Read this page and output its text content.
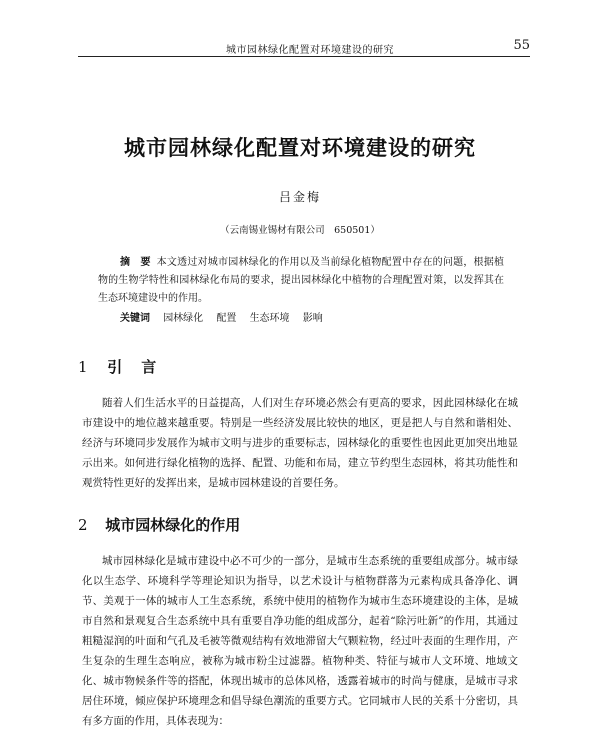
城市园林绿化配置对环境建设的研究	55
城市园林绿化配置对环境建设的研究
吕金梅
（云南锡业锡材有限公司　650501）
摘　要 本文透过对城市园林绿化的作用以及当前绿化植物配置中存在的问题，根据植物的生物学特性和园林绿化布局的要求，提出园林绿化中植物的合理配置对策，以发挥其在生态环境建设中的作用。
关键词 园林绿化 配置 生态环境 影响
1 引　言

随着人们生活水平的日益提高，人们对生存环境必然会有更高的要求，因此园林绿化在城市建设中的地位越来越重要。特别是一些经济发展比较快的地区，更是把人与自然和谐相处、经济与环境同步发展作为城市文明与进步的重要标志，园林绿化的重要性也因此更加突出地显示出来。如何进行绿化植物的选择、配置、功能和布局，建立节约型生态园林，将其功能性和观赏特性更好的发挥出来，是城市园林建设的首要任务。

2 城市园林绿化的作用

城市园林绿化是城市建设中必不可少的一部分，是城市生态系统的重要组成部分。城市绿化以生态学、环境科学等理论知识为指导，以艺术设计与植物群落为元素构成具备净化、调节、美观于一体的城市人工生态系统，系统中使用的植物作为城市生态环境建设的主体，是城市自然和景观复合生态系统中具有重要自净功能的组成部分，起着“除污吐新”的作用，其通过粗糙湿润的叶面和气孔及毛被等微观结构有效地滞留大气颗粒物，经过叶表面的生理作用，产生复杂的生理生态响应，被称为城市粉尘过滤器。植物种类、特征与城市人文环境、地域文化、城市物候条件等的搭配，体现出城市的总体风格，透露着城市的时尚与健康，是城市寻求居住环境，倾应保护环境理念和倡导绿色潮流的重要方式。它同城市人民的关系十分密切，具有多方面的作用，具体表现为：
